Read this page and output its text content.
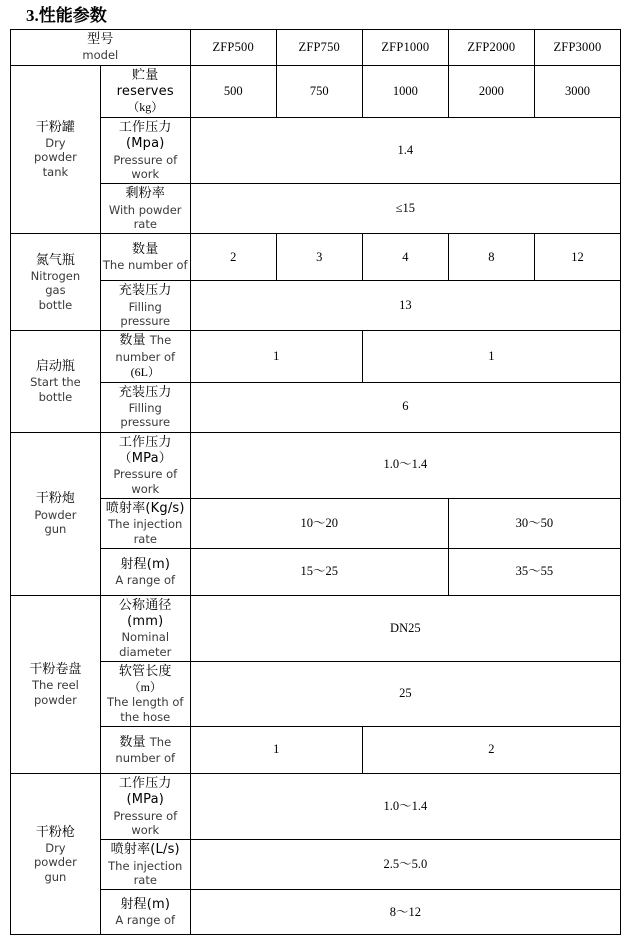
3.性能参数
型号
model		ZFP500	ZFP750	ZFP1000	ZFP2000	ZFP3000

干粉罐
Dry
powder
tank	贮量 reserves
（kg）	500	750	1000	2000	3000
	工作压力(Mpa)
Pressure of work	1.4				
	剩粉率
With powder rate	≤15				

氮气瓶
Nitrogen
gas
bottle	数量
The number of	2	3	4	8	12
	充装压力
Filling pressure	13				

启动瓶
Start the
bottle	数量 The number of
(6L）	1		1		
	充装压力
Filling pressure	6				

干粉炮
Powder
gun	工作压力（MPa）
Pressure of work	1.0～1.4				
	喷射率(Kg/s)
The injection rate	10～20			30～50	
	射程(m)
A range of	15～25			35～55	

干粉卷盘
The reel
powder	公称通径(mm)
Nominal diameter	DN25				
	软管长度
（m）
The length of the hose	25				
	数量 The number of	1		2		

干粉枪
Dry
powder
gun	工作压力(MPa)
Pressure of work	1.0～1.4				
	喷射率(L/s)
The injection rate	2.5～5.0				
	射程(m)
A range of	8～12				
